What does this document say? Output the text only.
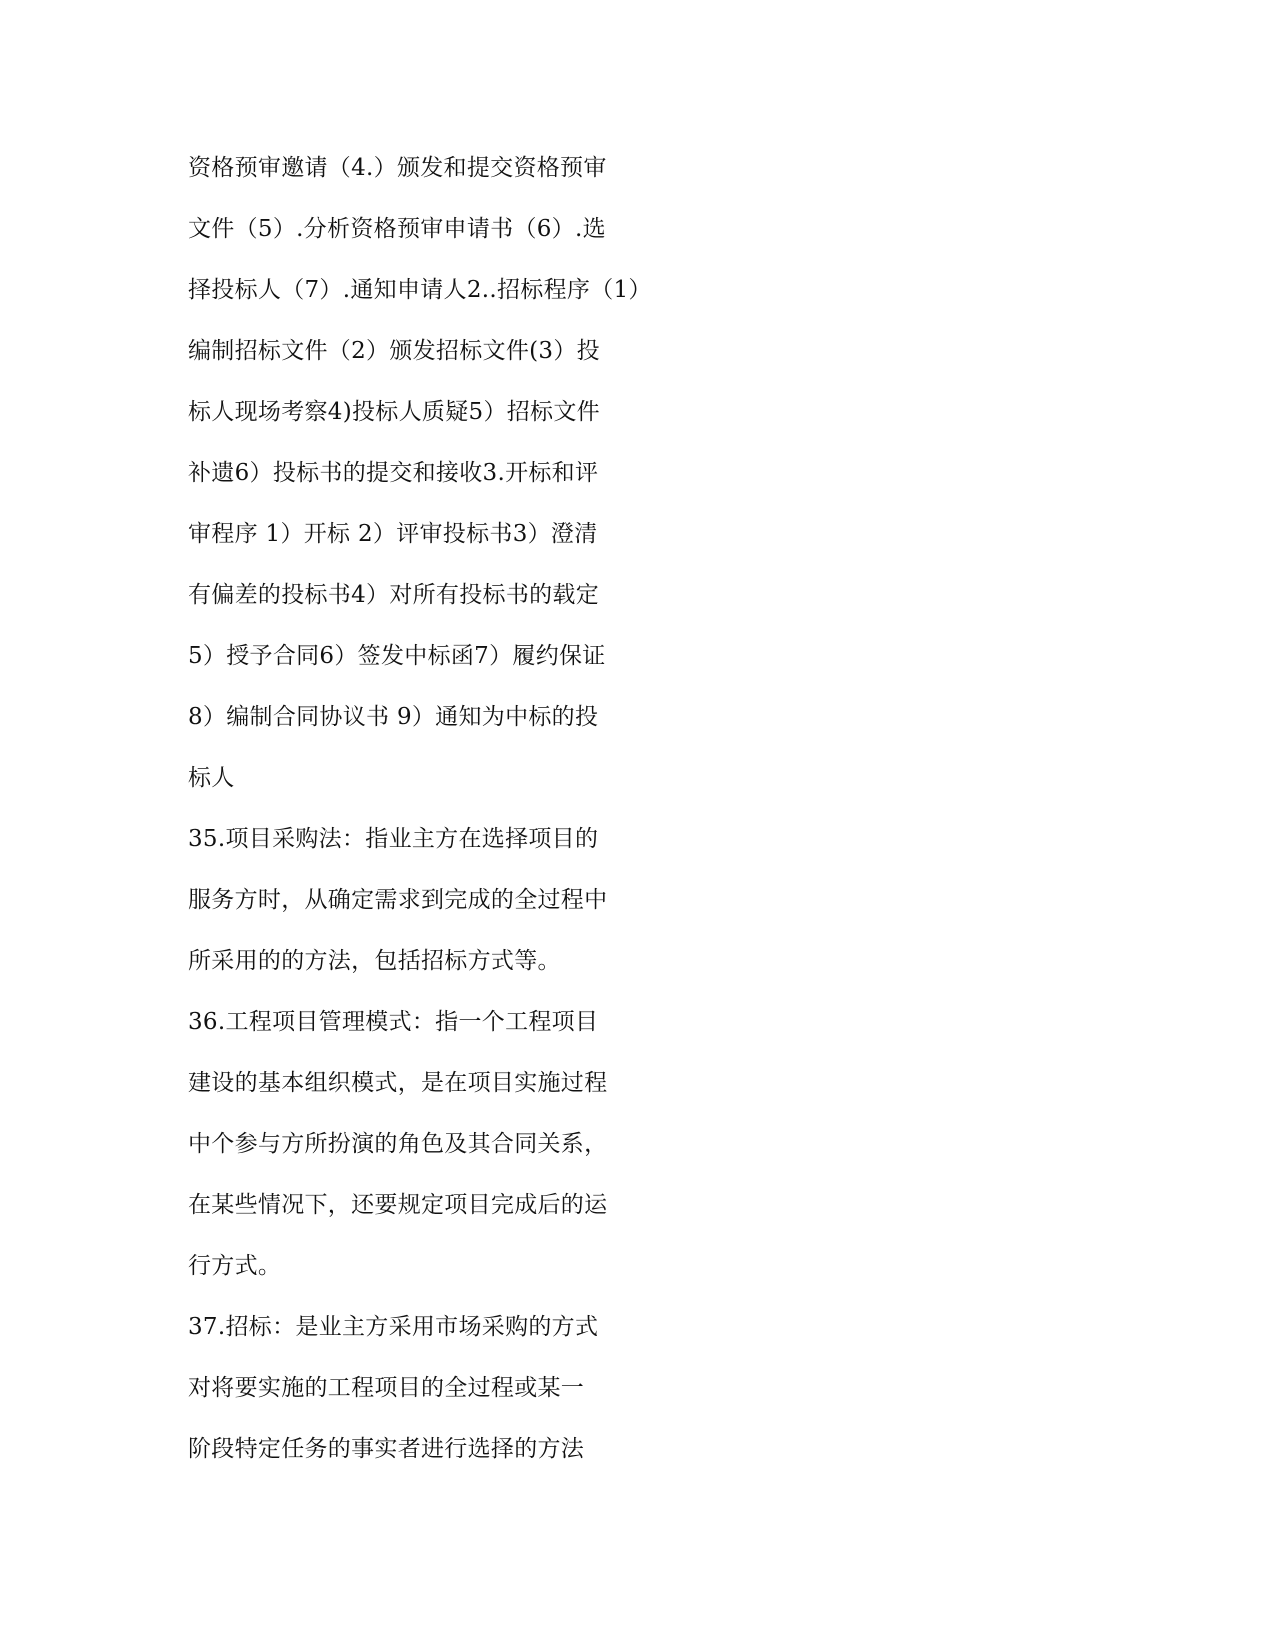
资格预审邀请（4.）颁发和提交资格预审
文件（5）.分析资格预审申请书（6）.选
择投标人（7）.通知申请人2..招标程序（1）
编制招标文件（2）颁发招标文件(3）投
标人现场考察4)投标人质疑5）招标文件
补遗6）投标书的提交和接收3.开标和评
审程序 1）开标 2）评审投标书3）澄清
有偏差的投标书4）对所有投标书的载定
5）授予合同6）签发中标函7）履约保证
8）编制合同协议书 9）通知为中标的投
标人
35.项目采购法：指业主方在选择项目的
服务方时，从确定需求到完成的全过程中
所采用的的方法，包括招标方式等。
36.工程项目管理模式：指一个工程项目
建设的基本组织模式，是在项目实施过程
中个参与方所扮演的角色及其合同关系，
在某些情况下，还要规定项目完成后的运
行方式。
37.招标：是业主方采用市场采购的方式
对将要实施的工程项目的全过程或某一
阶段特定任务的事实者进行选择的方法
